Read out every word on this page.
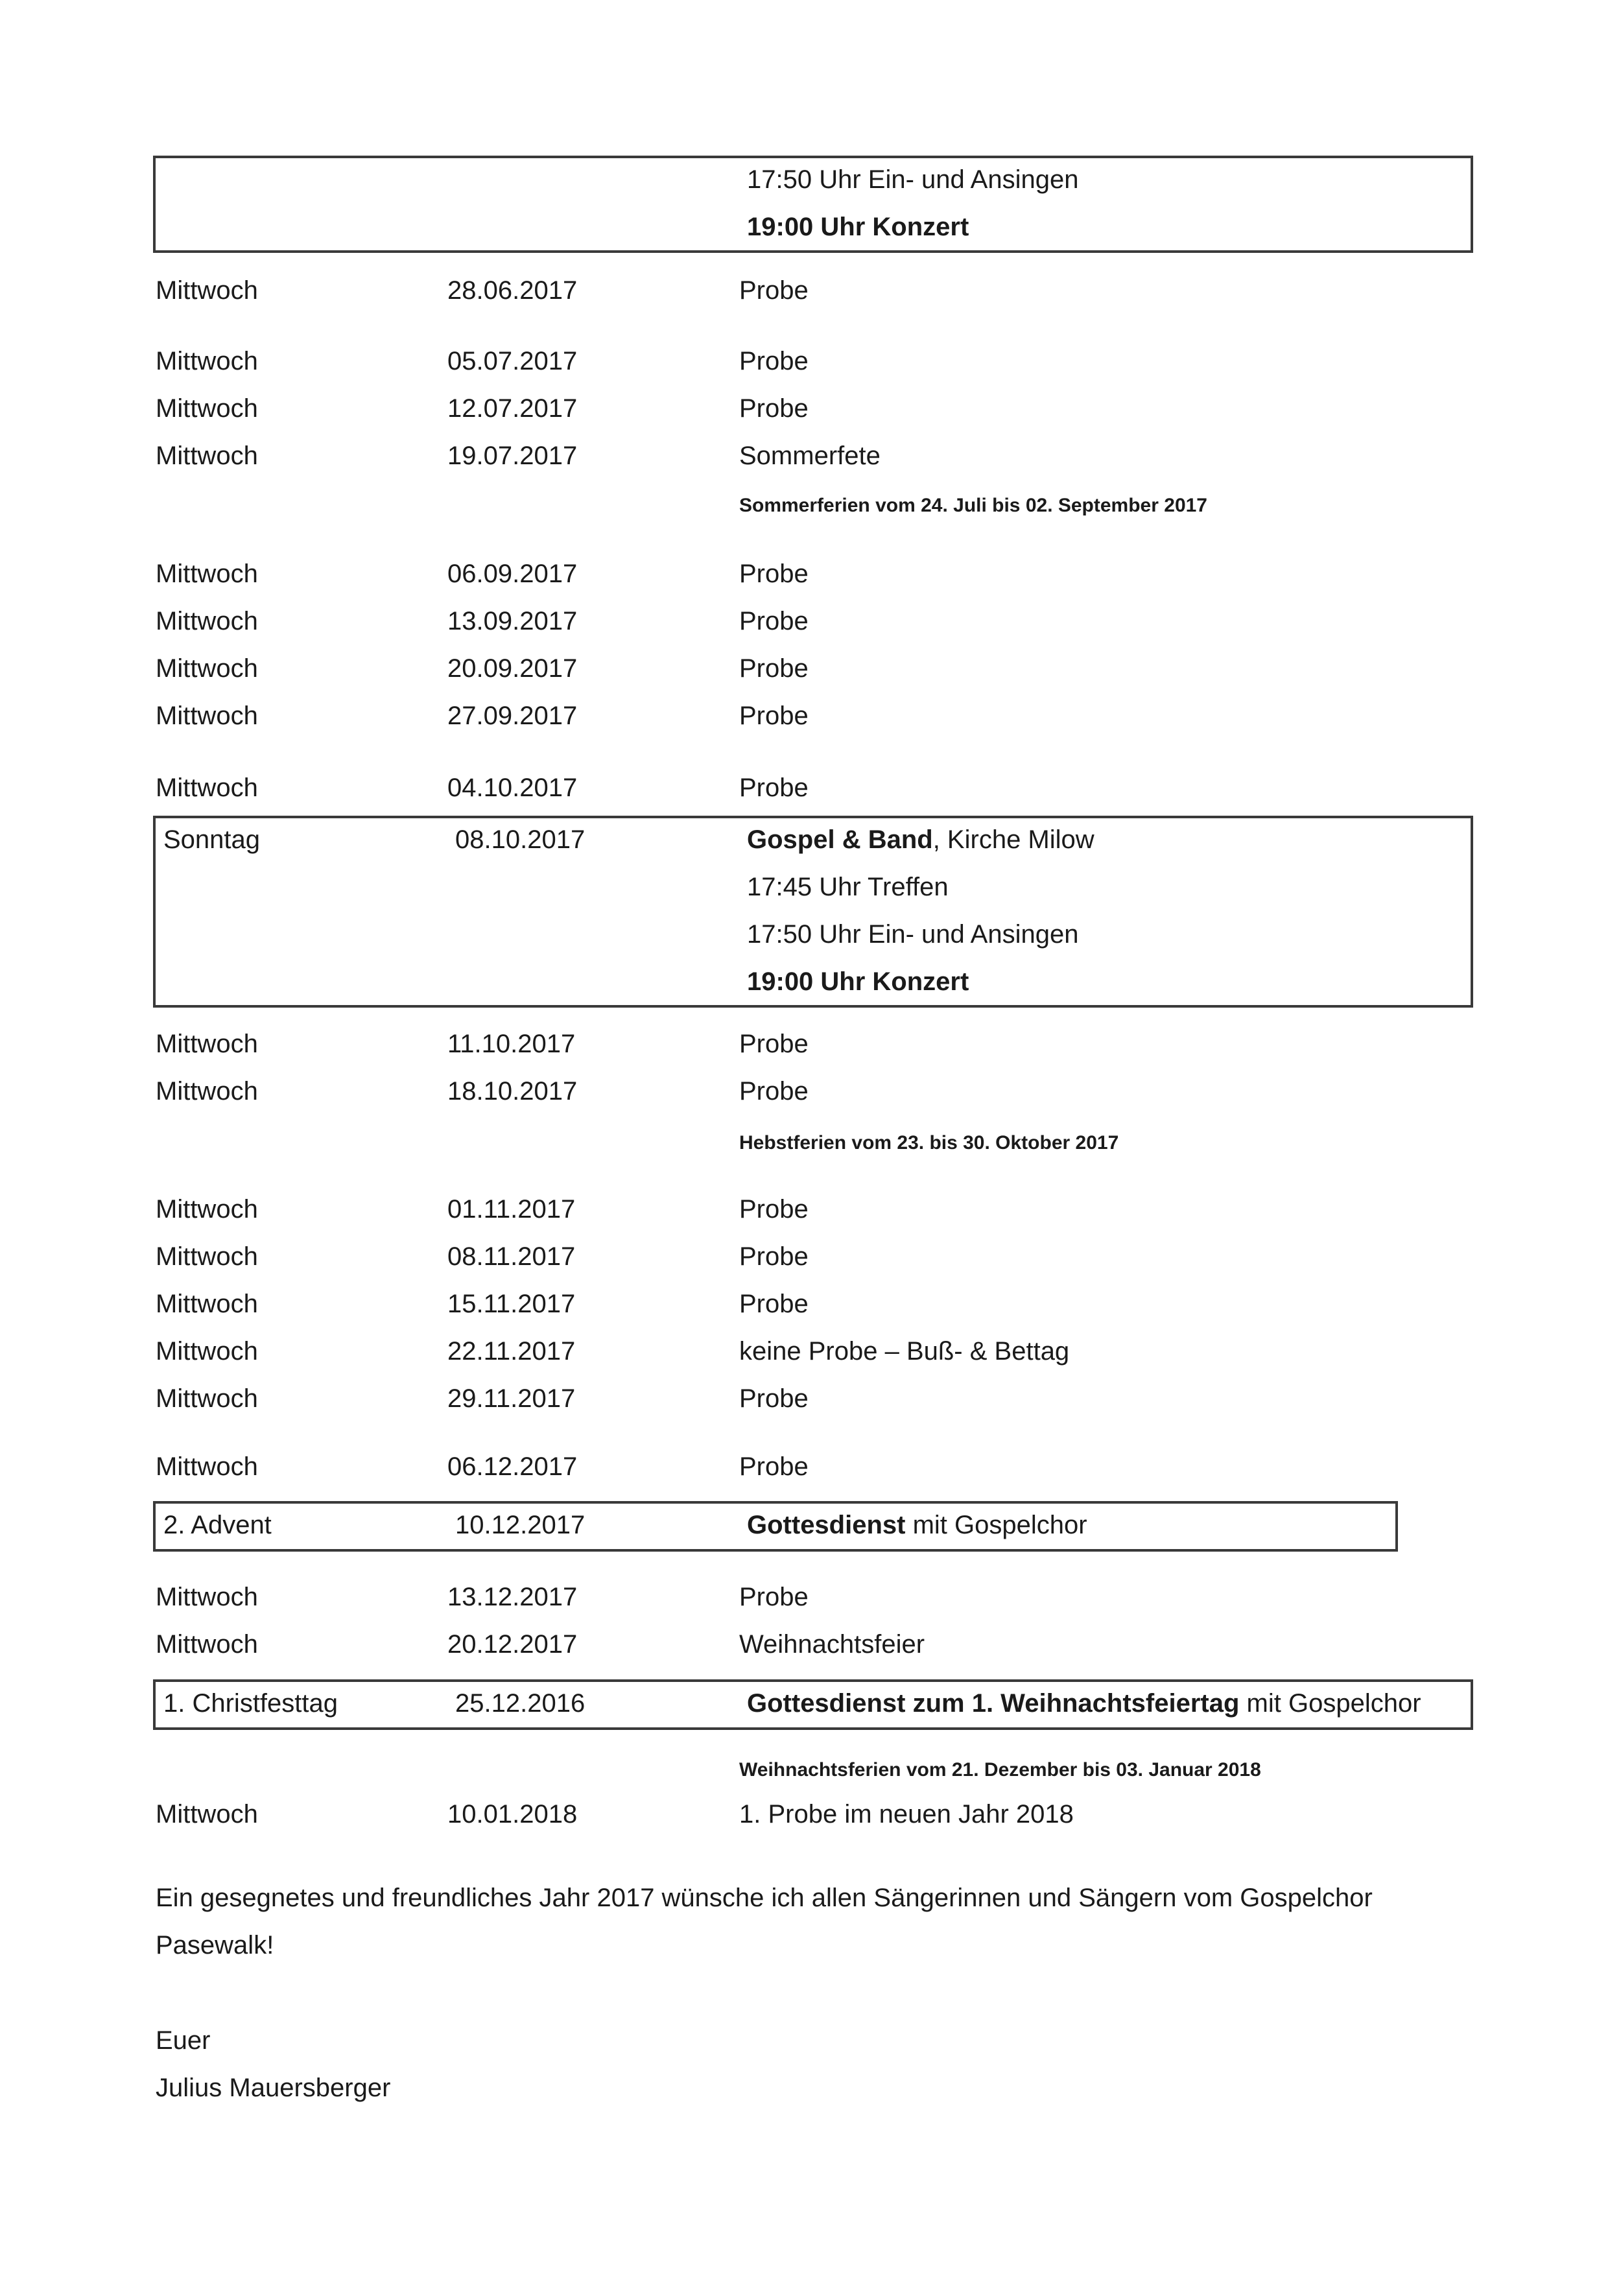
17:50 Uhr Ein- und Ansingen
19:00 Uhr Konzert
Mittwoch	28.06.2017	Probe
Mittwoch	05.07.2017	Probe
Mittwoch	12.07.2017	Probe
Mittwoch	19.07.2017	Sommerfete
Sommerferien vom 24. Juli bis 02. September 2017
Mittwoch	06.09.2017	Probe
Mittwoch	13.09.2017	Probe
Mittwoch	20.09.2017	Probe
Mittwoch	27.09.2017	Probe
Mittwoch	04.10.2017	Probe
Sonntag	08.10.2017	Gospel & Band, Kirche Milow
17:45 Uhr Treffen
17:50 Uhr Ein- und Ansingen
19:00 Uhr Konzert
Mittwoch	11.10.2017	Probe
Mittwoch	18.10.2017	Probe
Hebstferien vom 23. bis 30. Oktober 2017
Mittwoch	01.11.2017	Probe
Mittwoch	08.11.2017	Probe
Mittwoch	15.11.2017	Probe
Mittwoch	22.11.2017	keine Probe – Buß- & Bettag
Mittwoch	29.11.2017	Probe
Mittwoch	06.12.2017	Probe
2. Advent	10.12.2017	Gottesdienst mit Gospelchor
Mittwoch	13.12.2017	Probe
Mittwoch	20.12.2017	Weihnachtsfeier
1. Christfesttag	25.12.2016	Gottesdienst zum 1. Weihnachtsfeiertag mit Gospelchor
Weihnachtsferien vom 21. Dezember bis 03. Januar 2018
Mittwoch	10.01.2018	1. Probe im neuen Jahr 2018
Ein gesegnetes und freundliches Jahr 2017 wünsche ich allen Sängerinnen und Sängern vom Gospelchor
Pasewalk!
Euer
Julius Mauersberger
